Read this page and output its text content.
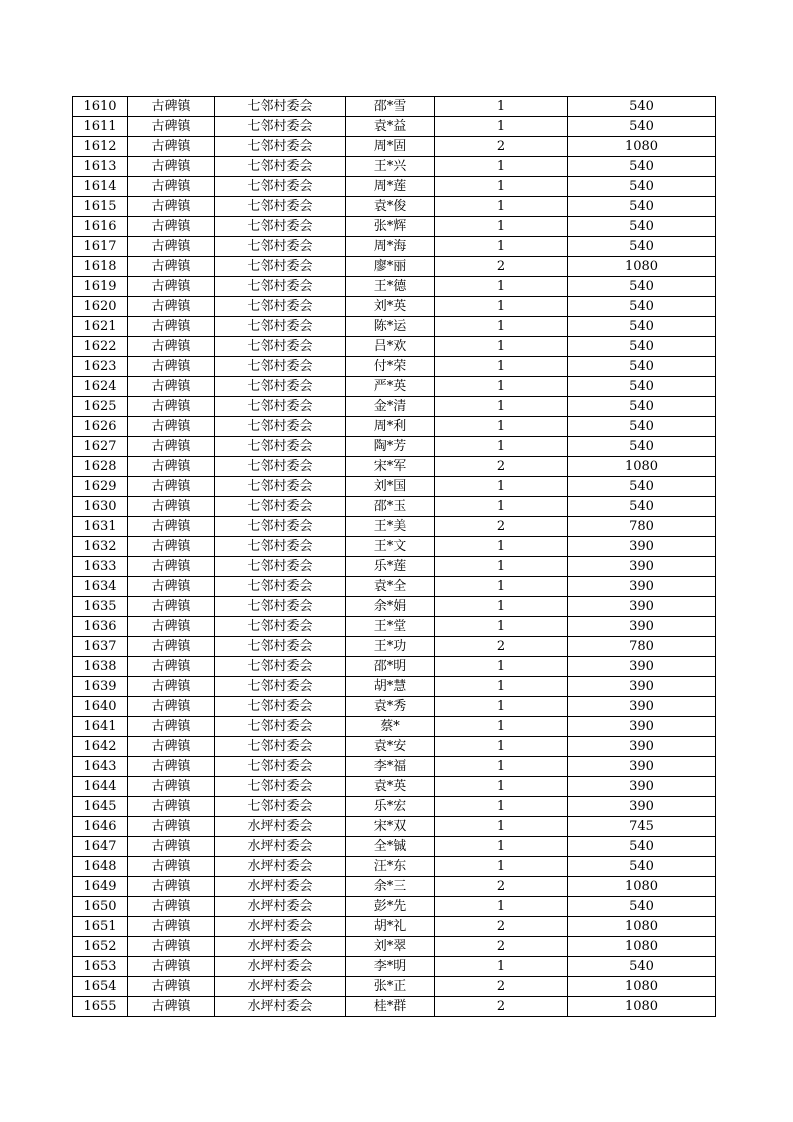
1610	古碑镇	七邻村委会	邵*雪	1	540
1611	古碑镇	七邻村委会	袁*益	1	540
1612	古碑镇	七邻村委会	周*固	2	1080
1613	古碑镇	七邻村委会	王*兴	1	540
1614	古碑镇	七邻村委会	周*莲	1	540
1615	古碑镇	七邻村委会	袁*俊	1	540
1616	古碑镇	七邻村委会	张*辉	1	540
1617	古碑镇	七邻村委会	周*海	1	540
1618	古碑镇	七邻村委会	廖*丽	2	1080
1619	古碑镇	七邻村委会	王*德	1	540
1620	古碑镇	七邻村委会	刘*英	1	540
1621	古碑镇	七邻村委会	陈*运	1	540
1622	古碑镇	七邻村委会	吕*欢	1	540
1623	古碑镇	七邻村委会	付*荣	1	540
1624	古碑镇	七邻村委会	严*英	1	540
1625	古碑镇	七邻村委会	金*清	1	540
1626	古碑镇	七邻村委会	周*利	1	540
1627	古碑镇	七邻村委会	陶*芳	1	540
1628	古碑镇	七邻村委会	宋*军	2	1080
1629	古碑镇	七邻村委会	刘*国	1	540
1630	古碑镇	七邻村委会	邵*玉	1	540
1631	古碑镇	七邻村委会	王*美	2	780
1632	古碑镇	七邻村委会	王*文	1	390
1633	古碑镇	七邻村委会	乐*莲	1	390
1634	古碑镇	七邻村委会	袁*全	1	390
1635	古碑镇	七邻村委会	余*娟	1	390
1636	古碑镇	七邻村委会	王*堂	1	390
1637	古碑镇	七邻村委会	王*功	2	780
1638	古碑镇	七邻村委会	邵*明	1	390
1639	古碑镇	七邻村委会	胡*慧	1	390
1640	古碑镇	七邻村委会	袁*秀	1	390
1641	古碑镇	七邻村委会	蔡*	1	390
1642	古碑镇	七邻村委会	袁*安	1	390
1643	古碑镇	七邻村委会	李*福	1	390
1644	古碑镇	七邻村委会	袁*英	1	390
1645	古碑镇	七邻村委会	乐*宏	1	390
1646	古碑镇	水坪村委会	宋*双	1	745
1647	古碑镇	水坪村委会	全*铖	1	540
1648	古碑镇	水坪村委会	汪*东	1	540
1649	古碑镇	水坪村委会	余*三	2	1080
1650	古碑镇	水坪村委会	彭*先	1	540
1651	古碑镇	水坪村委会	胡*礼	2	1080
1652	古碑镇	水坪村委会	刘*翠	2	1080
1653	古碑镇	水坪村委会	李*明	1	540
1654	古碑镇	水坪村委会	张*正	2	1080
1655	古碑镇	水坪村委会	桂*群	2	1080
